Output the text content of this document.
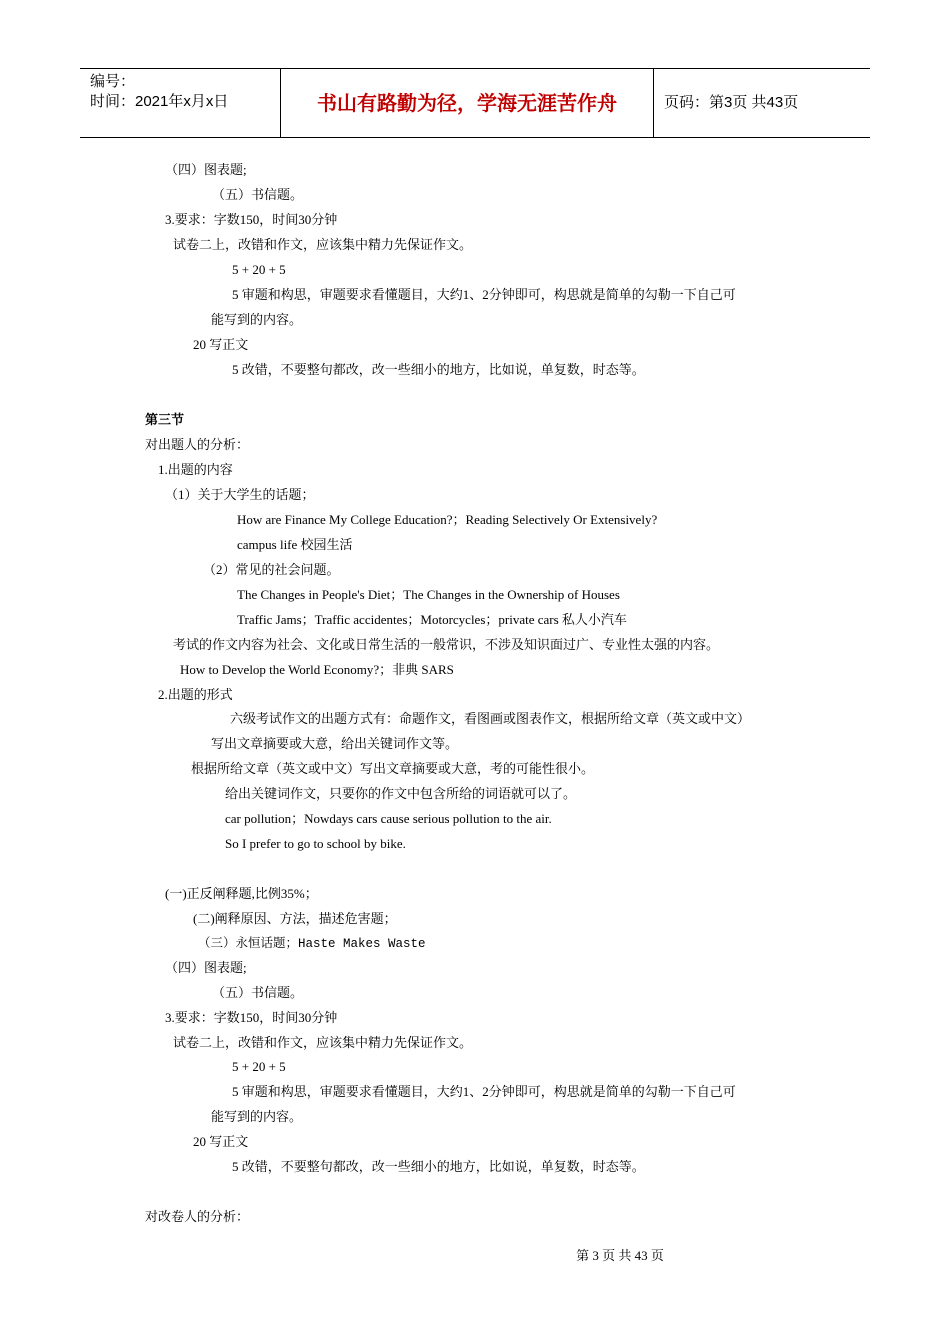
编号：
时间：2021年x月x日	书山有路勤为径，学海无涯苦作舟	页码：第3页 共43页
（四）图表题;
（五）书信题。
3.要求：字数150，时间30分钟
试卷二上，改错和作文，应该集中精力先保证作文。
5 + 20 + 5
5 审题和构思，审题要求看懂题目，大约1、2分钟即可，构思就是简单的勾勒一下自己可
能写到的内容。
20 写正文
5 改错，不要整句都改，改一些细小的地方，比如说，单复数，时态等。
第三节
对出题人的分析：
1.出题的内容
（1）关于大学生的话题；
How are Finance My College Education?；Reading Selectively Or Extensively?
campus life 校园生活
（2）常见的社会问题。
The Changes in People's Diet；The Changes in the Ownership of Houses
Traffic Jams；Traffic accidentes；Motorcycles；private cars 私人小汽车
考试的作文内容为社会、文化或日常生活的一般常识，不涉及知识面过广、专业性太强的内容。
How to Develop the World Economy?；非典 SARS
2.出题的形式
六级考试作文的出题方式有：命题作文，看图画或图表作文，根据所给文章（英文或中文）
写出文章摘要或大意，给出关键词作文等。
根据所给文章（英文或中文）写出文章摘要或大意，考的可能性很小。
给出关键词作文，只要你的作文中包含所给的词语就可以了。
car pollution；Nowdays cars cause serious pollution to the air.
So I prefer to go to school by bike.
(一)正反阐释题,比例35%；
(二)阐释原因、方法，描述危害题；
（三）永恒话题；Haste Makes Waste
（四）图表题;
（五）书信题。
3.要求：字数150，时间30分钟
试卷二上，改错和作文，应该集中精力先保证作文。
5 + 20 + 5
5 审题和构思，审题要求看懂题目，大约1、2分钟即可，构思就是简单的勾勒一下自己可
能写到的内容。
20 写正文
5 改错，不要整句都改，改一些细小的地方，比如说，单复数，时态等。
对改卷人的分析：
第 3 页 共 43 页
